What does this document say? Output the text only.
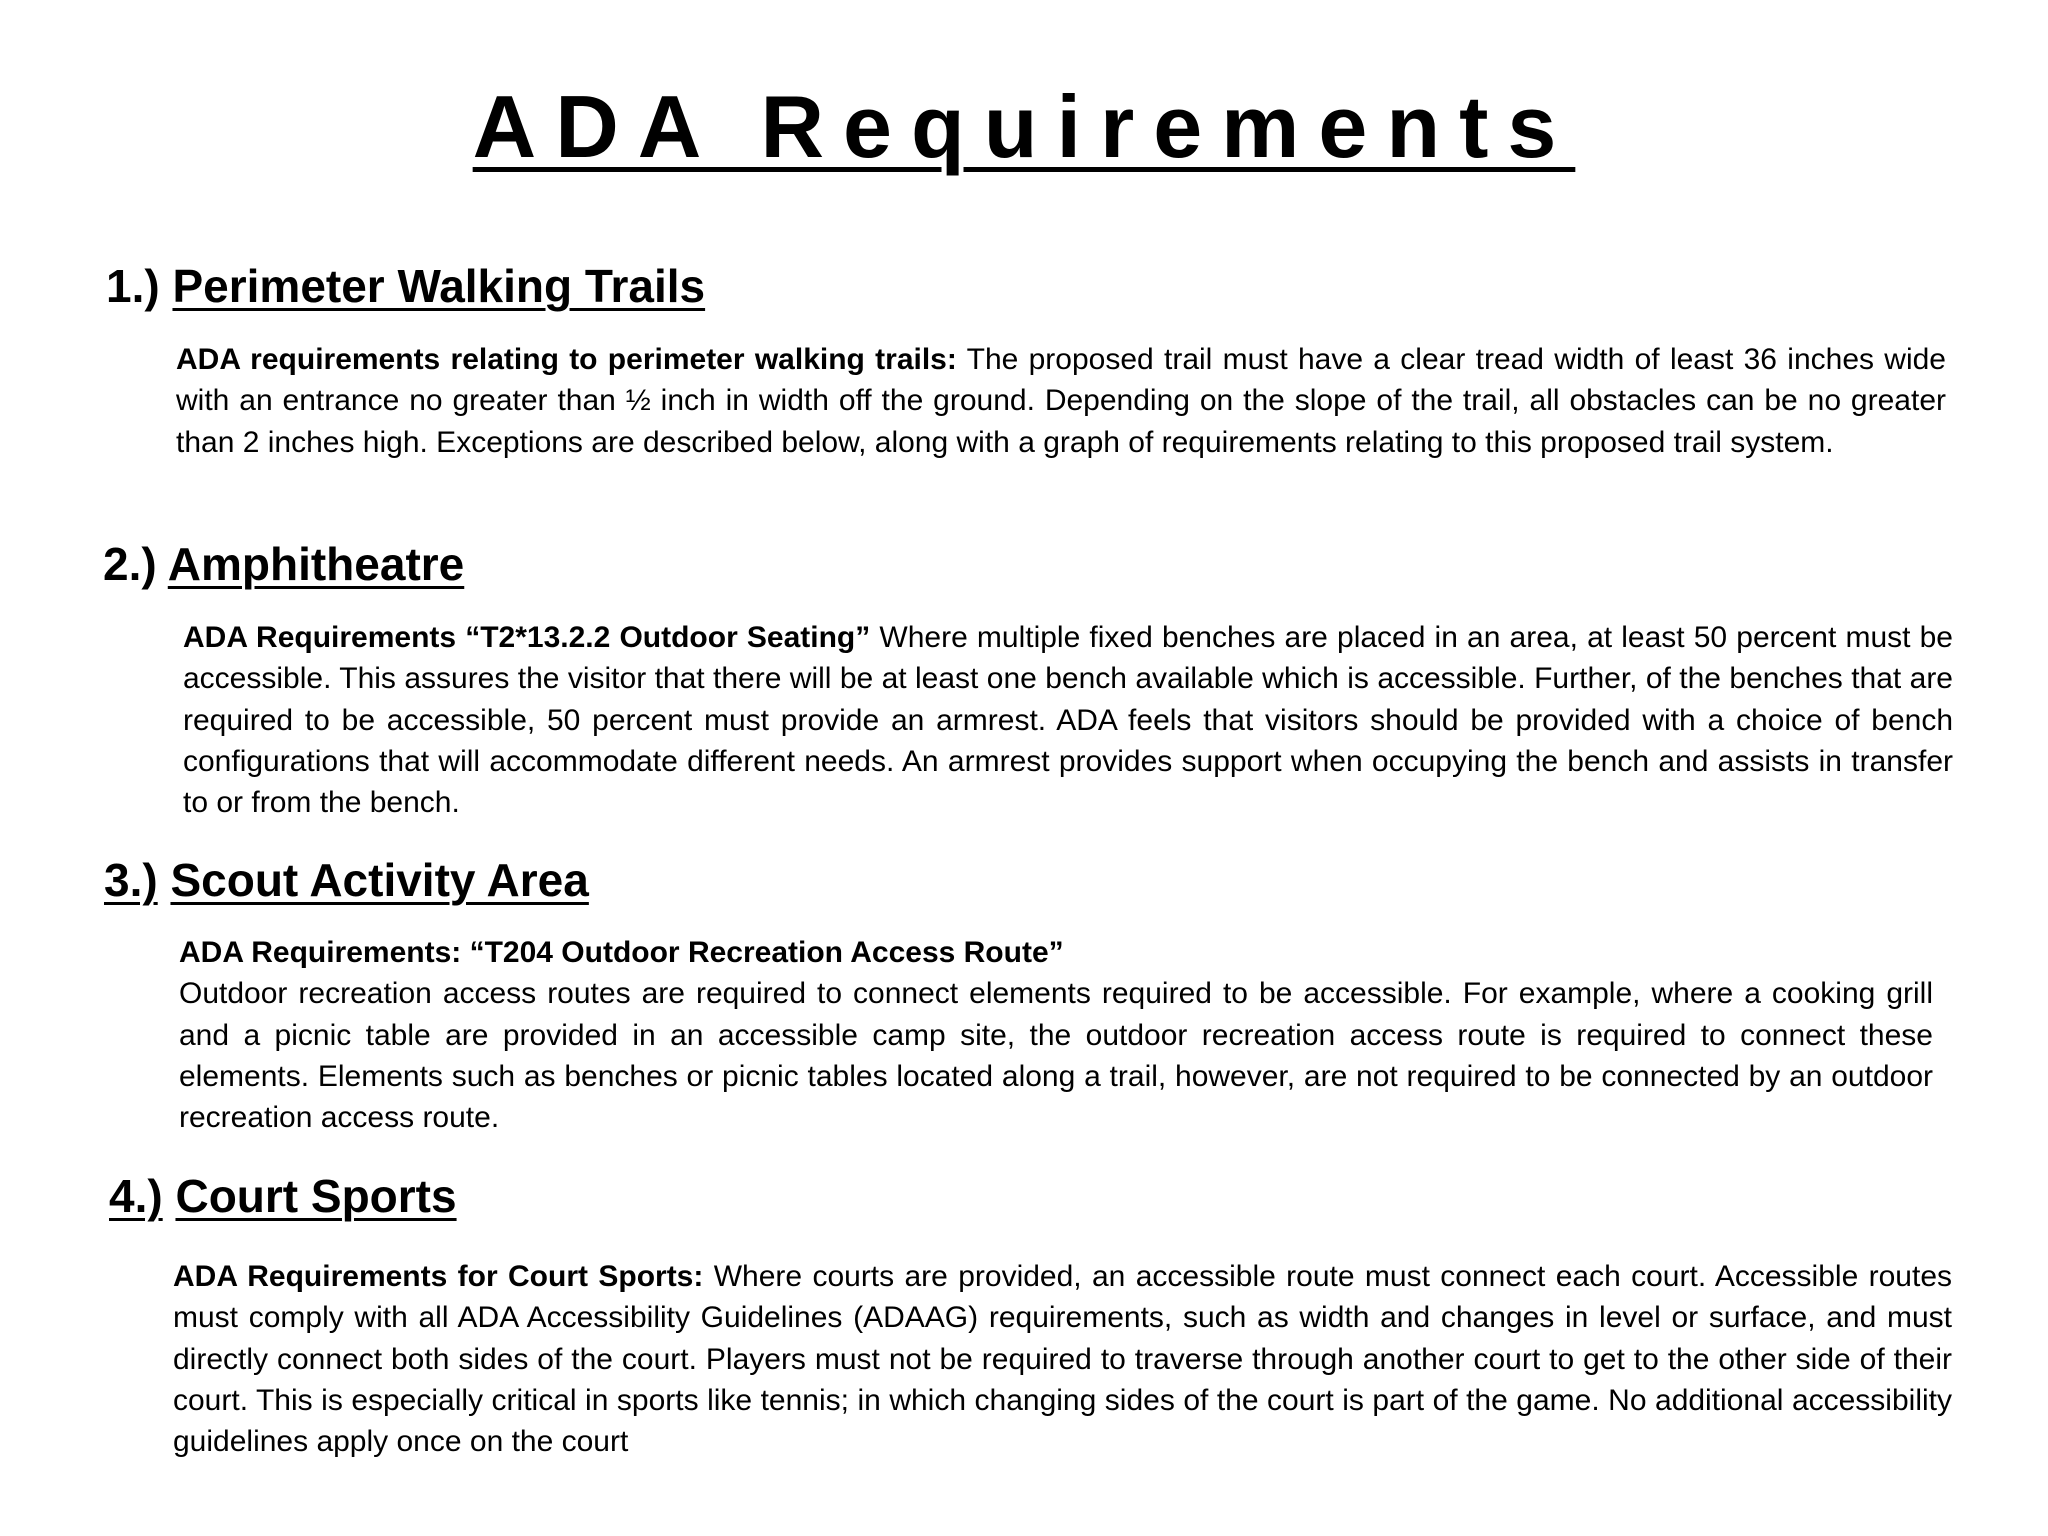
ADA Requirements
1.) Perimeter Walking Trails

ADA requirements relating to perimeter walking trails: The proposed trail must have a clear tread width of least 36 inches wide with an entrance no greater than ½ inch in width off the ground. Depending on the slope of the trail, all obstacles can be no greater than 2 inches high. Exceptions are described below, along with a graph of requirements relating to this proposed trail system.

2.) Amphitheatre

ADA Requirements “T2*13.2.2 Outdoor Seating” Where multiple fixed benches are placed in an area, at least 50 percent must be accessible. This assures the visitor that there will be at least one bench available which is accessible. Further, of the benches that are required to be accessible, 50 percent must provide an armrest. ADA feels that visitors should be provided with a choice of bench configurations that will accommodate different needs. An armrest provides support when occupying the bench and assists in transfer to or from the bench.

3.) Scout Activity Area

ADA Requirements: “T204 Outdoor Recreation Access Route”
Outdoor recreation access routes are required to connect elements required to be accessible. For example, where a cooking grill and a picnic table are provided in an accessible camp site, the outdoor recreation access route is required to connect these elements. Elements such as benches or picnic tables located along a trail, however, are not required to be connected by an outdoor recreation access route.

4.) Court Sports

ADA Requirements for Court Sports: Where courts are provided, an accessible route must connect each court. Accessible routes must comply with all ADA Accessibility Guidelines (ADAAG) requirements, such as width and changes in level or surface, and must directly connect both sides of the court. Players must not be required to traverse through another court to get to the other side of their court. This is especially critical in sports like tennis; in which changing sides of the court is part of the game. No additional accessibility guidelines apply once on the court
